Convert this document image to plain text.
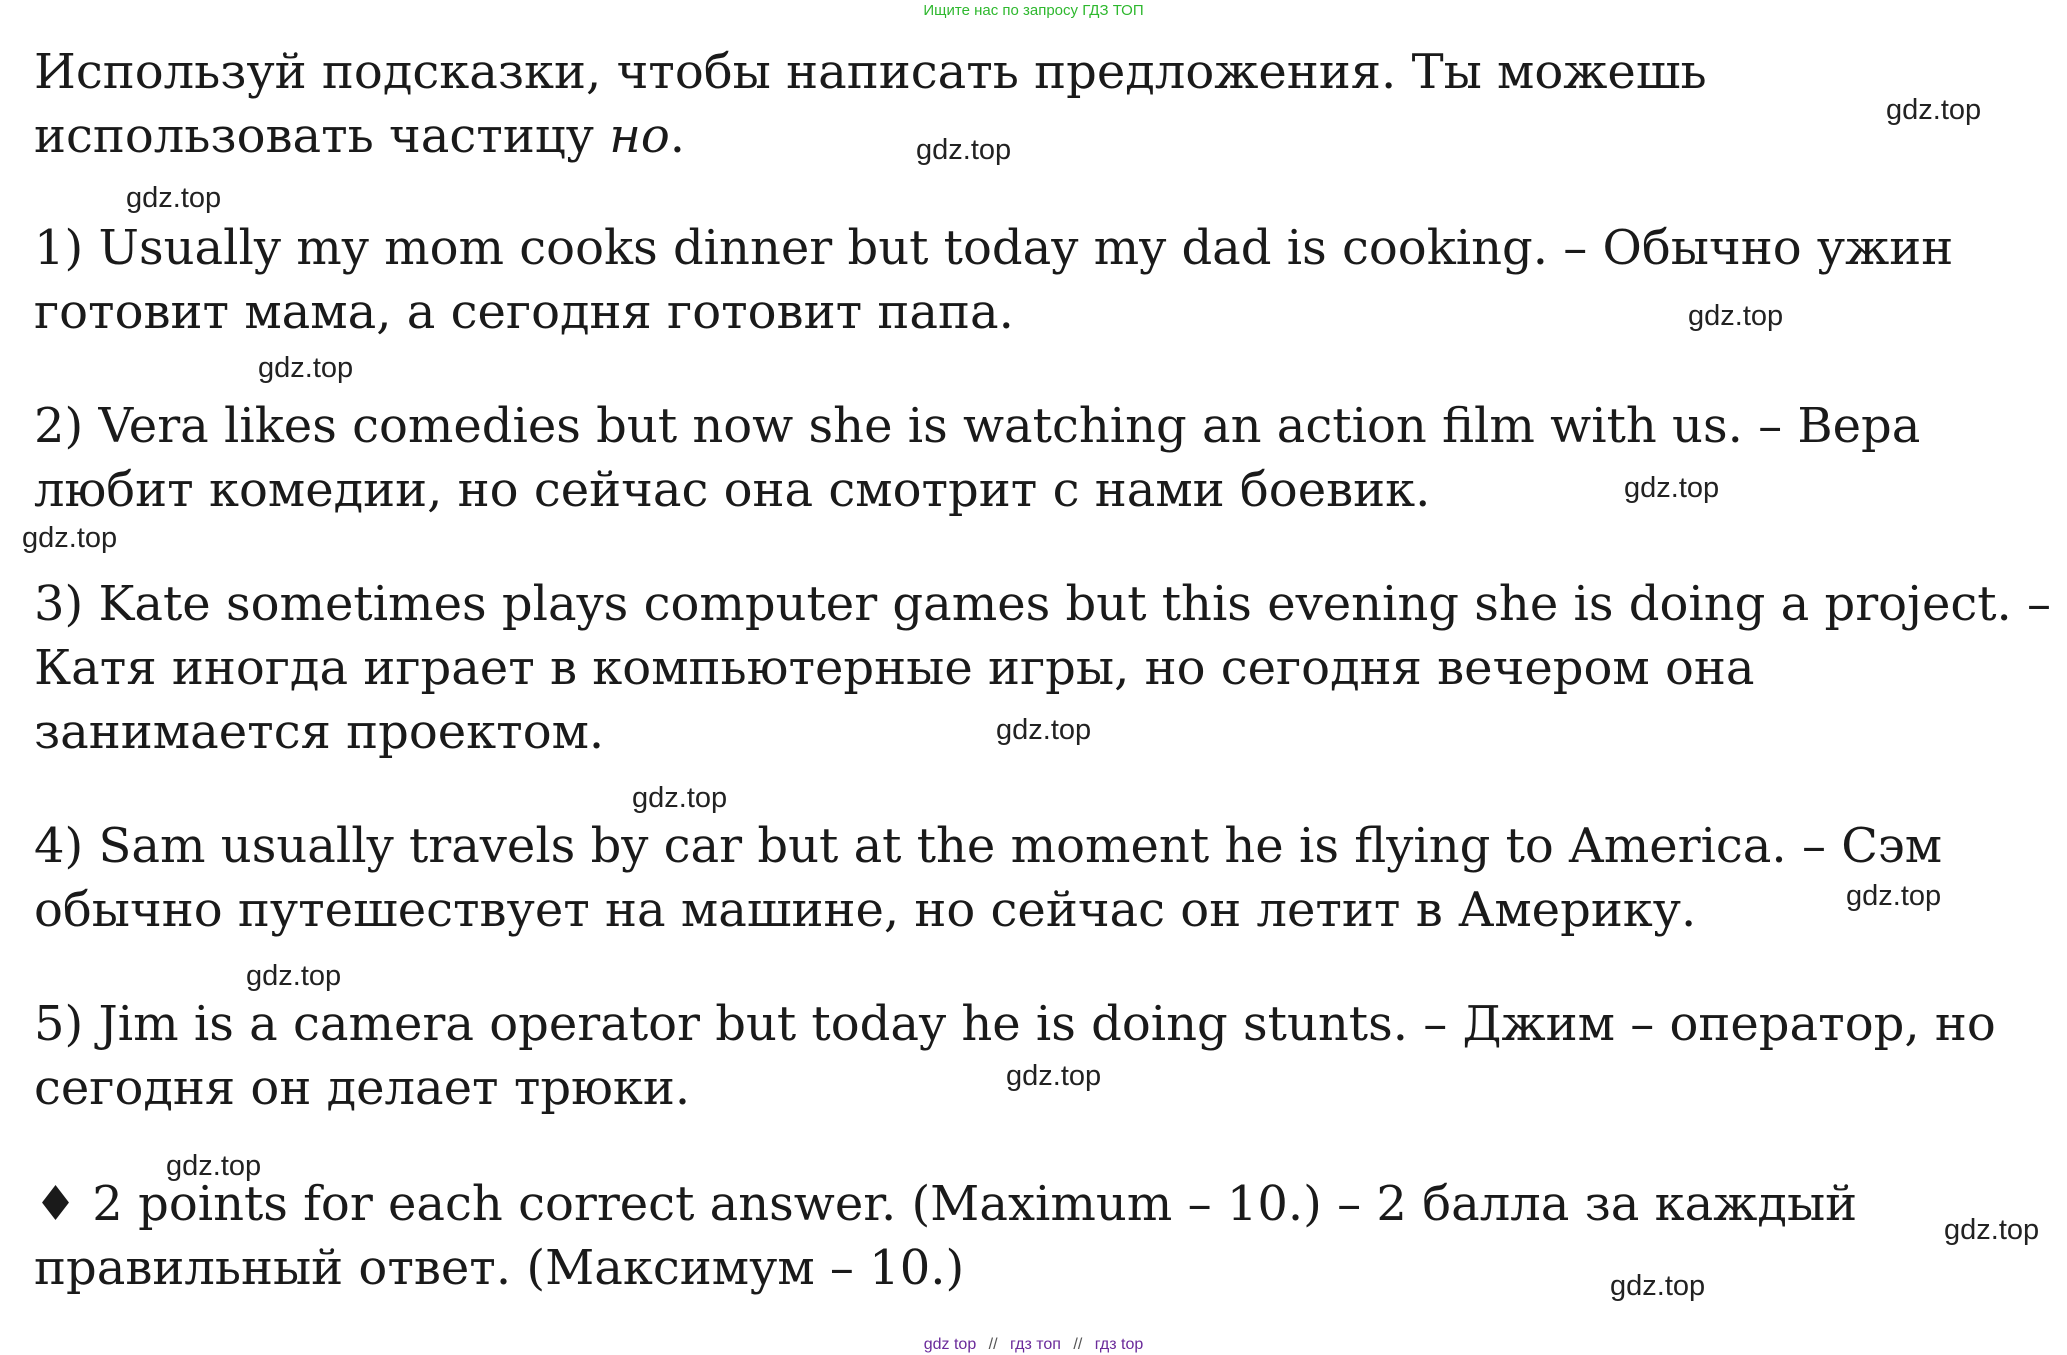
Ищите нас по запросу ГДЗ ТОП

Используй подсказки, чтобы написать предложения. Ты можешь использовать частицу но.

1) Usually my mom cooks dinner but today my dad is cooking. – Обычно ужин готовит мама, а сегодня готовит папа.

2) Vera likes comedies but now she is watching an action film with us. – Вера любит комедии, но сейчас она смотрит с нами боевик.

3) Kate sometimes plays computer games but this evening she is doing a project. – Катя иногда играет в компьютерные игры, но сегодня вечером она занимается проектом.

4) Sam usually travels by car but at the moment he is flying to America. – Сэм обычно путешествует на машине, но сейчас он летит в Америку.

5) Jim is a camera operator but today he is doing stunts. – Джим – оператор, но сегодня он делает трюки.

♦ 2 points for each correct answer. (Maximum – 10.) – 2 балла за каждый правильный ответ. (Максимум – 10.)

gdz.top
gdz.top
gdz.top
gdz.top
gdz.top
gdz.top
gdz.top
gdz.top
gdz.top
gdz.top
gdz.top
gdz.top
gdz.top
gdz.top
gdz.top
gdz top // гдз топ // гдз top
